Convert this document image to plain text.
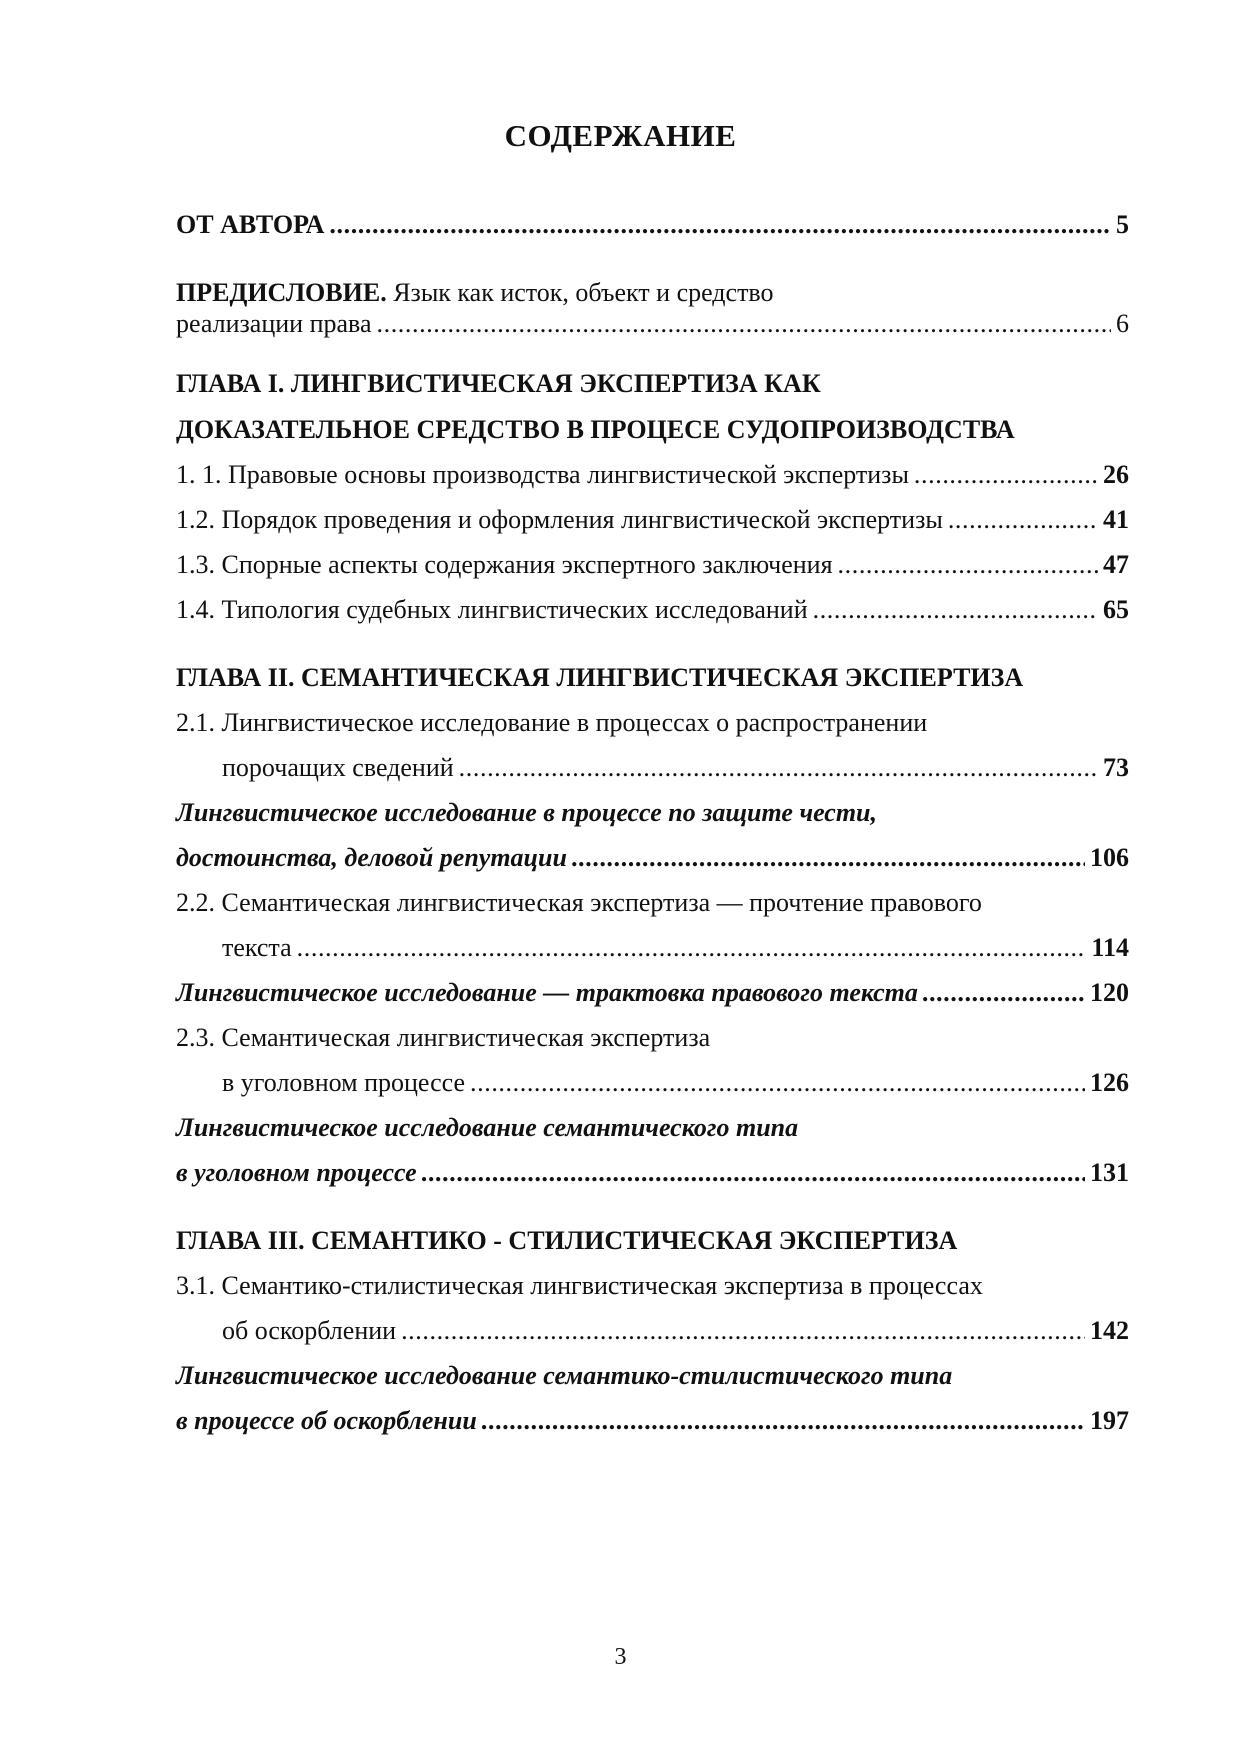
СОДЕРЖАНИЕ
ОТ АВТОРА .....	5
ПРЕДИСЛОВИЕ. Язык как исток, объект и средство
реализации права .....	6
ГЛАВА I. ЛИНГВИСТИЧЕСКАЯ ЭКСПЕРТИЗА КАК
ДОКАЗАТЕЛЬНОЕ СРЕДСТВО В ПРОЦЕСЕ СУДОПРОИЗВОДСТВА
1. 1. Правовые основы производства лингвистической экспертизы .....	26
1.2. Порядок проведения и оформления лингвистической экспертизы .....	41
1.3. Спорные аспекты содержания экспертного заключения .....	47
1.4. Типология судебных лингвистических исследований .....	65
ГЛАВА II. СЕМАНТИЧЕСКАЯ ЛИНГВИСТИЧЕСКАЯ ЭКСПЕРТИЗА
2.1. Лингвистическое исследование в процессах о распространении
порочащих сведений .....	73
Лингвистическое исследование в процессе по защите чести,
достоинства, деловой репутации .....	106
2.2. Семантическая лингвистическая экспертиза — прочтение правового
текста .....	114
Лингвистическое исследование — трактовка правового текста .....	120
2.3. Семантическая лингвистическая экспертиза
в уголовном процессе .....	126
Лингвистическое исследование семантического типа
в уголовном процессе .....	131
ГЛАВА III. СЕМАНТИКО - СТИЛИСТИЧЕСКАЯ ЭКСПЕРТИЗА
3.1. Семантико-стилистическая лингвистическая экспертиза в процессах
об оскорблении .....	142
Лингвистическое исследование семантико-стилистического типа
в процессе об оскорблении .....	197
3
